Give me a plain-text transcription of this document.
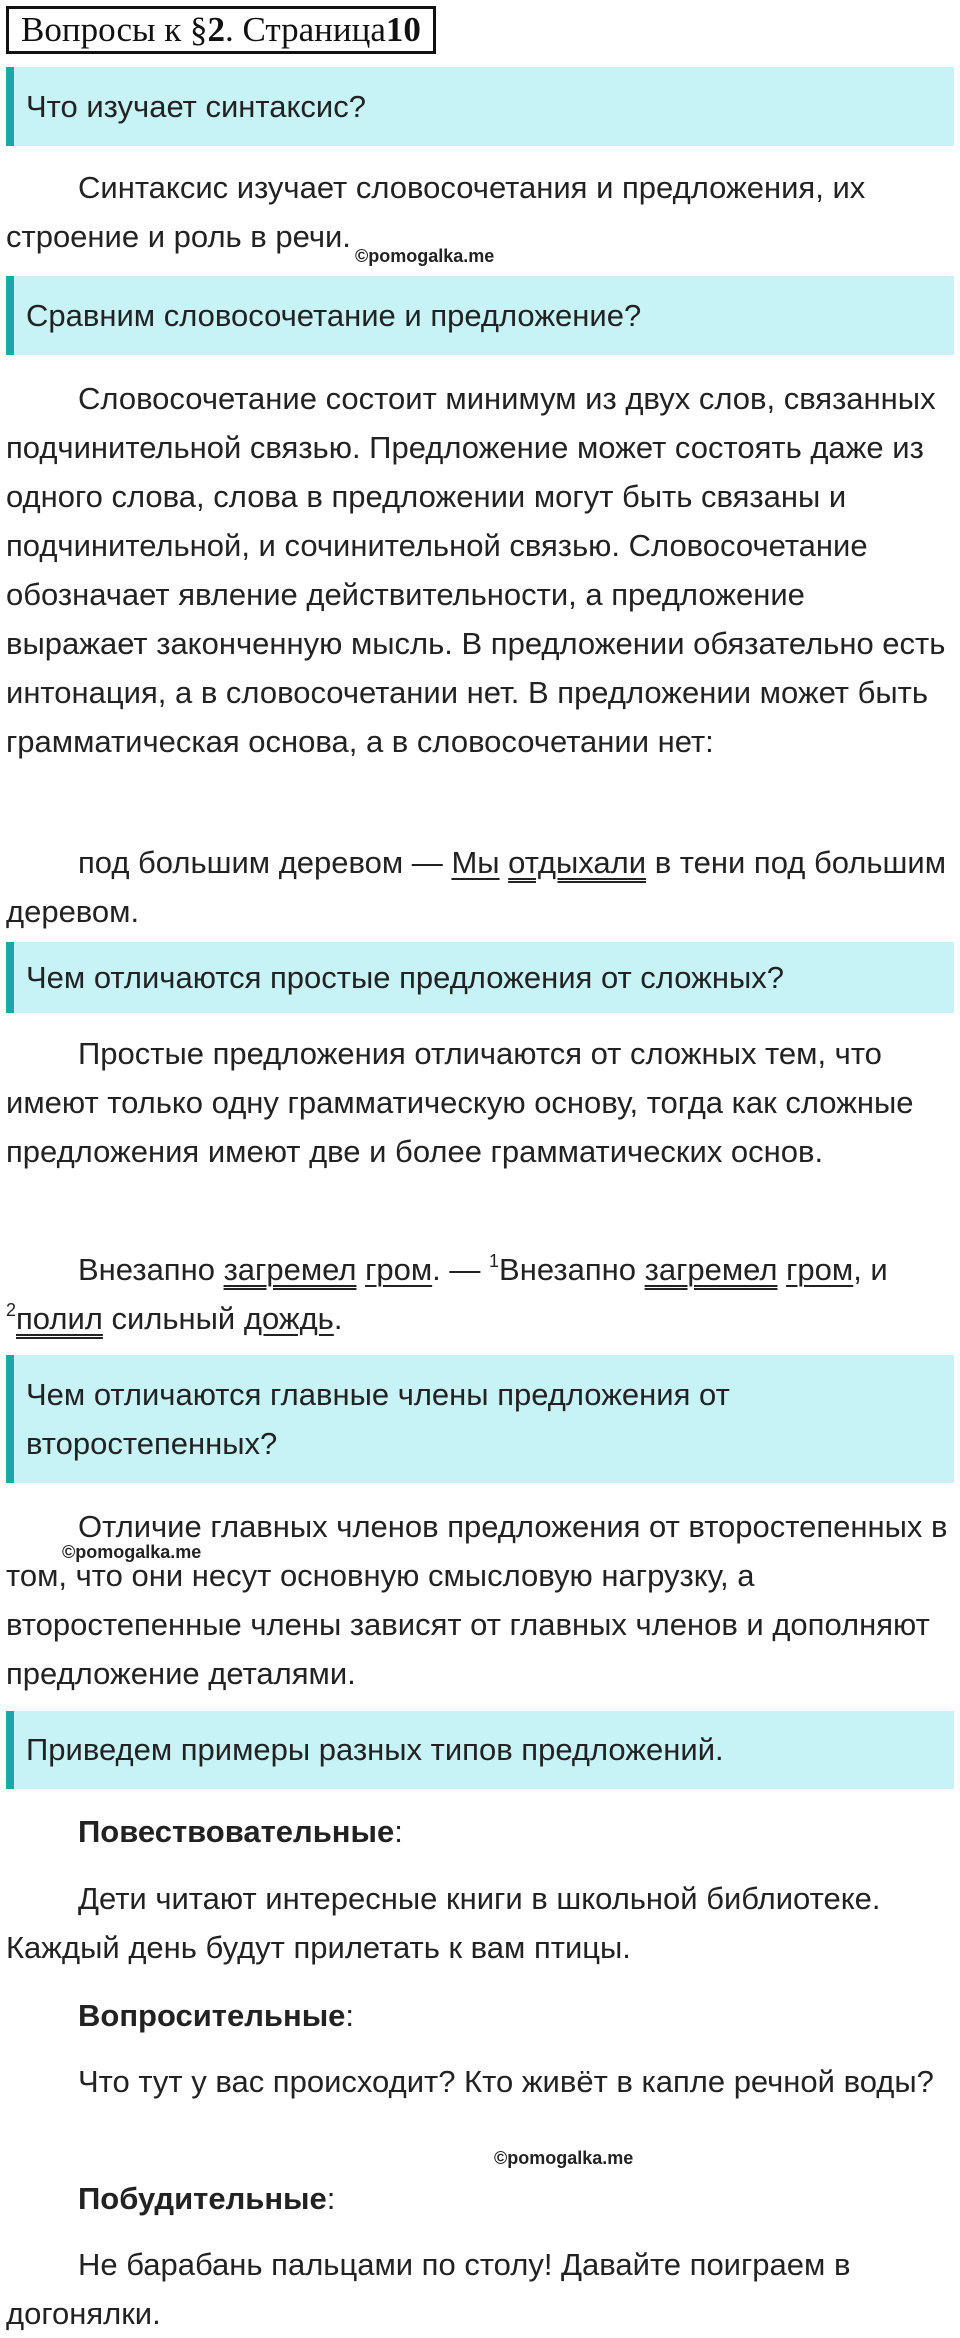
Вопросы к § 2 . Страница 10
Что изучает синтаксис?

Синтаксис изучает словосочетания и предложения, их строение и роль в речи.

©pomogalka.me
Сравним словосочетание и предложение?

Словосочетание состоит минимум из двух слов, связанных подчинительной связью. Предложение может состоять даже из одного слова, слова в предложении могут быть связаны и подчинительной, и сочинительной связью. Словосочетание обозначает явление действительности, а предложение выражает законченную мысль. В предложении обязательно есть интонация, а в словосочетании нет. В предложении может быть грамматическая основа, а в словосочетании нет:

под большим деревом — Мы отдыхали в тени под большим деревом.

Чем отличаются простые предложения от сложных?

Простые предложения отличаются от сложных тем, что имеют только одну грамматическую основу, тогда как сложные предложения имеют две и более грамматических основ.

Внезапно загремел гром. — $^1$Внезапно загремел гром, и $^2$полил сильный дождь.

Чем отличаются главные члены предложения от второстепенных?

Отличие главных членов предложения от второстепенных в том, что они несут основную смысловую нагрузку, а второстепенные члены зависят от главных членов и дополняют предложение деталями.

©pomogalka.me
Приведем примеры разных типов предложений.

Повествовательные:

Дети читают интересные книги в школьной библиотеке. Каждый день будут прилетать к вам птицы.

Вопросительные:

Что тут у вас происходит? Кто живёт в капле речной воды?

©pomogalka.me

Побудительные:

Не барабань пальцами по столу! Давайте поиграем в догонялки.
